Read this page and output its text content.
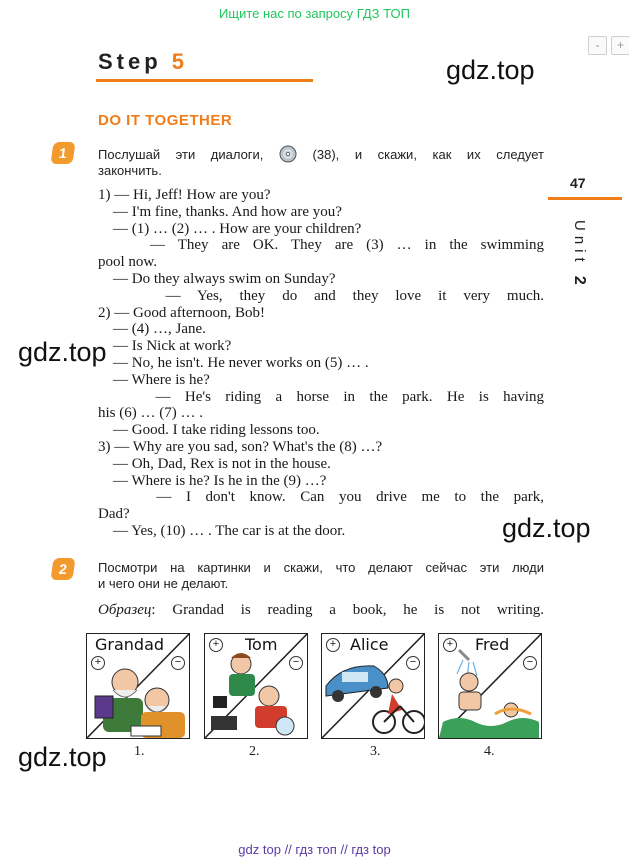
Ищите нас по запросу ГДЗ ТОП
-	+
Step 5	gdz.top
gdz.top
gdz.top
gdz.top
DO IT TOGETHER
47
Unit 2
1	Послушай эти диалоги,	(38), и скажи, как их следует
закончить.
1) — Hi, Jeff! How are you?
— I'm fine, thanks. And how are you?
— (1) … (2) … . How are your children?
— They are OK. They are (3) … in the swimming
pool now.
— Do they always swim on Sunday?
— Yes, they do and they love it very much.
2) — Good afternoon, Bob!
— (4) …, Jane.
— Is Nick at work?
— No, he isn't. He never works on (5) … .
— Where is he?
— He's riding a horse in the park. He is having
his (6) … (7) … .
— Good. I take riding lessons too.
3) — Why are you sad, son? What's the (8) …?
— Oh, Dad, Rex is not in the house.
— Where is he? Is he in the (9) …?
— I don't know. Can you drive me to the park,
Dad?
— Yes, (10) … . The car is at the door.
2	Посмотри на картинки и скажи, что делают сейчас эти люди
и чего они не делают.
Образец: Grandad is reading a book, he is not writing.
Grandad
+	−
Tom
+
−
Alice
+
−
Fred
+
−
1.	2.	3.	4.
gdz top // гдз топ // гдз top
